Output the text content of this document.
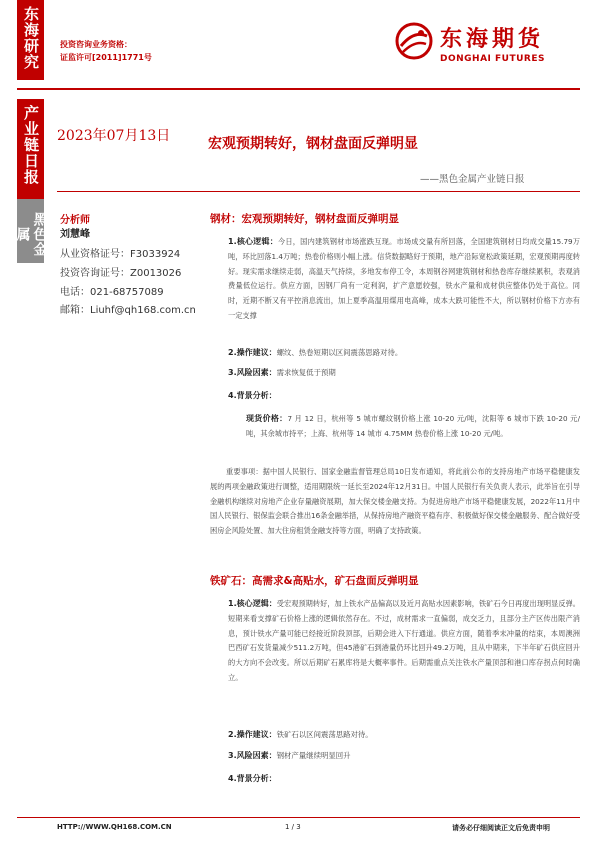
东海研究
产业链日报
黑色金属
投资咨询业务资格：
证监许可[2011]1771号
东海期货
DONGHAI FUTURES
2023年07月13日	宏观预期转好，钢材盘面反弹明显
——黑色金属产业链日报
分析师
刘慧峰
从业资格证号：F3033924
投资咨询证号：Z0013026
电话：021-68757089
邮箱：Liuhf@qh168.com.cn
钢材：宏观预期转好，钢材盘面反弹明显
1.核心逻辑：今日，国内建筑钢材市场涨跌互现。市场成交量有所回落，全国建筑钢材日均成交量15.79万吨，环比回落1.4万吨；热卷价格则小幅上涨。信贷数据略好于预期，地产沿际宽松政策延期，宏观预期再度转好。现实需求继续走弱，高温天气持续，多地发布停工令，本周钢谷网建筑钢材和热卷库存继续累积，表观消费量低位运行。供应方面，因钢厂尚有一定利润，扩产意愿较强，铁水产量和成材供应整体仍处于高位。同时，近期不断又有平控消息流出，加上夏季高温用煤用电高峰，成本大跌可能性不大，所以钢材价格下方亦有一定支撑
2.操作建议：螺纹、热卷短期以区间震荡思路对待。
3.风险因素：需求恢复低于预期
4.背景分析：
现货价格：7 月 12 日，杭州等 5 城市螺纹钢价格上涨 10-20 元/吨，沈阳等 6 城市下跌 10-20 元/吨，其余城市持平；上海、杭州等 14 城市 4.75MM 热卷价格上涨 10-20 元/吨。
重要事项：据中国人民银行、国家金融监督管理总局10日发布通知，将此前公布的支持房地产市场平稳健康发展的两项金融政策进行调整，适用期限统一延长至2024年12月31日。中国人民银行有关负责人表示，此举旨在引导金融机构继续对房地产企业存量融资展期，加大保交楼金融支持。为促进房地产市场平稳健康发展，2022年11月中国人民银行、银保监会联合推出16条金融举措，从保持房地产融资平稳有序、积极做好保交楼金融服务、配合做好受困房企风险处置、加大住房租赁金融支持等方面，明确了支持政策。
铁矿石：高需求&高贴水，矿石盘面反弹明显
1.核心逻辑：受宏观预期转好，加上铁水产品偏高以及近月高贴水因素影响，铁矿石今日再度出现明显反弹。短期来看支撑矿石价格上涨的逻辑依然存在。不过，成材需求一直偏弱，成交乏力，且部分主产区传出限产消息，预计铁水产量可能已经接近阶段顶部，后期会进入下行通道。供应方面，随着季末冲量的结束，本周澳洲巴西矿石发货量减少511.2万吨，但45港矿石到港量仍环比回升49.2万吨，且从中期来，下半年矿石供应回升的大方向不会改变。所以后期矿石累库将是大概率事件。后期需重点关注铁水产量顶部和港口库存拐点何时确立。
2.操作建议：铁矿石以区间震荡思路对待。
3.风险因素：钢材产量继续明显回升
4.背景分析：
HTTP://WWW.QH168.COM.CN	1 / 3	请务必仔细阅读正文后免责申明
